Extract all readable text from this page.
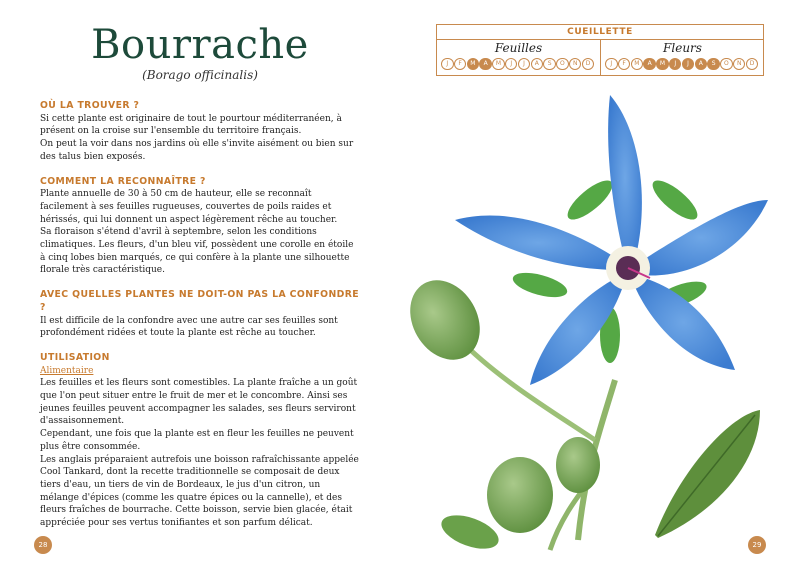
Bourrache
(Borago officinalis)
OÙ LA TROUVER ?

Si cette plante est originaire de tout le pourtour méditerranéen, à présent on la croise sur l'ensemble du territoire français.

On peut la voir dans nos jardins où elle s'invite aisément ou bien sur des talus bien exposés.

COMMENT LA RECONNAÎTRE ?

Plante annuelle de 30 à 50 cm de hauteur, elle se reconnaît facilement à ses feuilles rugueuses, couvertes de poils raides et hérissés, qui lui donnent un aspect légèrement rêche au toucher.

Sa floraison s'étend d'avril à septembre, selon les conditions climatiques. Les fleurs, d'un bleu vif, possèdent une corolle en étoile à cinq lobes bien marqués, ce qui confère à la plante une silhouette florale très caractéristique.

AVEC QUELLES PLANTES NE DOIT-ON PAS LA CONFONDRE ?

Il est difficile de la confondre avec une autre car ses feuilles sont profondément ridées et toute la plante est rêche au toucher.

UTILISATION
Alimentaire

Les feuilles et les fleurs sont comestibles. La plante fraîche a un goût que l'on peut situer entre le fruit de mer et le concombre. Ainsi ses jeunes feuilles peuvent accompagner les salades, ses fleurs serviront d'assaisonnement.

Cependant, une fois que la plante est en fleur les feuilles ne peuvent plus être consommée.

Les anglais préparaient autrefois une boisson rafraîchissante appelée Cool Tankard, dont la recette traditionnelle se composait de deux tiers d'eau, un tiers de vin de Bordeaux, le jus d'un citron, un mélange d'épices (comme les quatre épices ou la cannelle), et des fleurs fraîches de bourrache. Cette boisson, servie bien glacée, était appréciée pour ses vertus tonifiantes et son parfum délicat.

28
CUEILLETTE
Feuilles
J	F	M	A	M	J	J	A	S	O	N	D
Fleurs
J	F	M	A	M	J	J	A	S	O	N	D
29
